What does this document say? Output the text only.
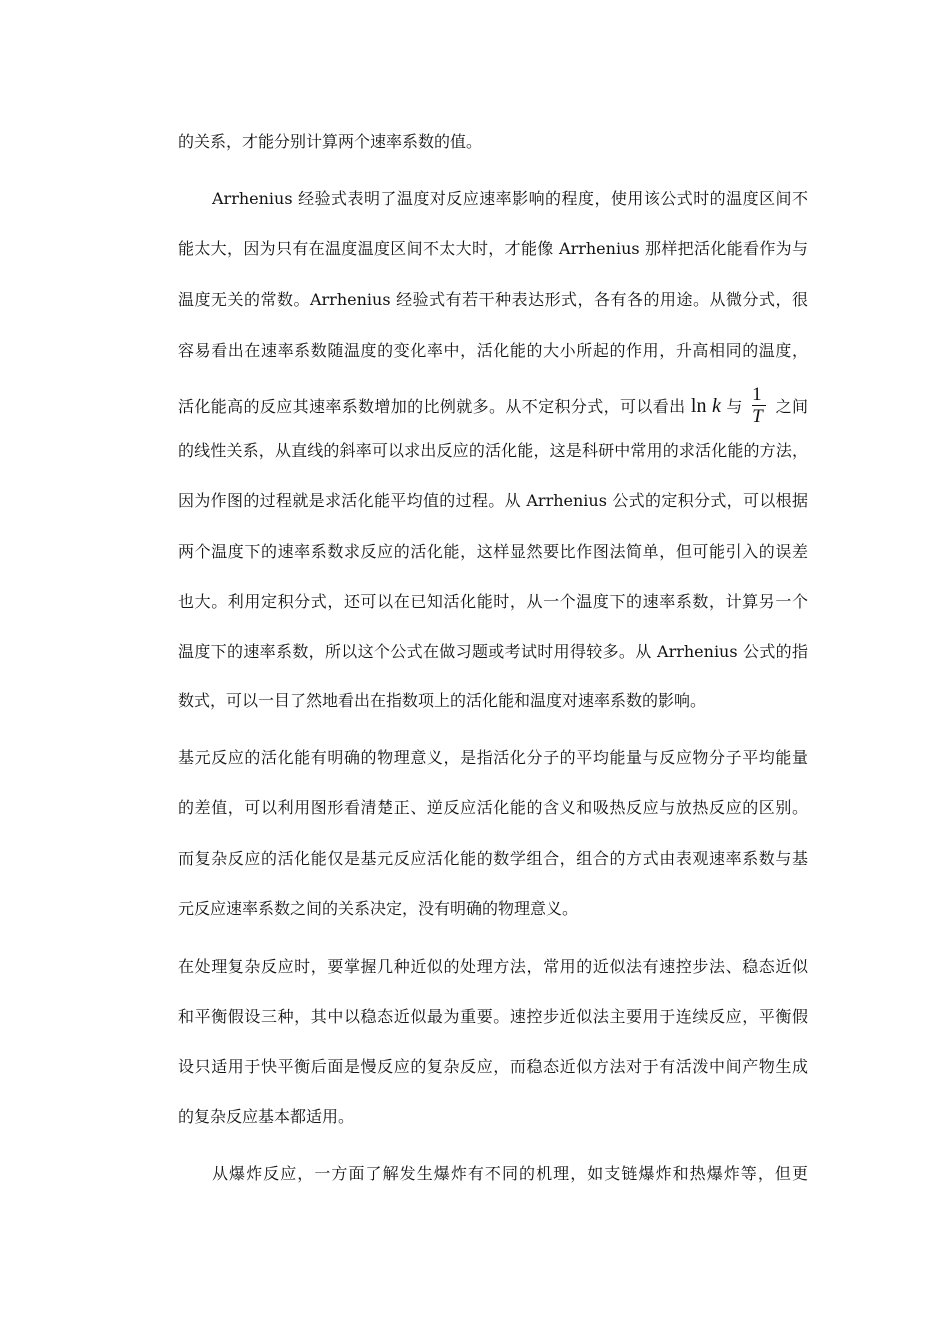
的关系，才能分别计算两个速率系数的值。
Arrhenius 经验式表明了温度对反应速率影响的程度，使用该公式时的温度区间不
能太大，因为只有在温度温度区间不太大时，才能像 Arrhenius 那样把活化能看作为与
温度无关的常数。Arrhenius 经验式有若干种表达形式，各有各的用途。从微分式，很
容易看出在速率系数随温度的变化率中，活化能的大小所起的作用，升高相同的温度，
活化能高的反应其速率系数增加的比例就多。从不定积分式，可以看出 ln k 与 $\frac{1}{T}$ 之间
的线性关系，从直线的斜率可以求出反应的活化能，这是科研中常用的求活化能的方法，
因为作图的过程就是求活化能平均值的过程。从 Arrhenius 公式的定积分式，可以根据
两个温度下的速率系数求反应的活化能，这样显然要比作图法简单，但可能引入的误差
也大。利用定积分式，还可以在已知活化能时，从一个温度下的速率系数，计算另一个
温度下的速率系数，所以这个公式在做习题或考试时用得较多。从 Arrhenius 公式的指
数式，可以一目了然地看出在指数项上的活化能和温度对速率系数的影响。
基元反应的活化能有明确的物理意义，是指活化分子的平均能量与反应物分子平均能量
的差值，可以利用图形看清楚正、逆反应活化能的含义和吸热反应与放热反应的区别。
而复杂反应的活化能仅是基元反应活化能的数学组合，组合的方式由表观速率系数与基
元反应速率系数之间的关系决定，没有明确的物理意义。
在处理复杂反应时，要掌握几种近似的处理方法，常用的近似法有速控步法、稳态近似
和平衡假设三种，其中以稳态近似最为重要。速控步近似法主要用于连续反应，平衡假
设只适用于快平衡后面是慢反应的复杂反应，而稳态近似方法对于有活泼中间产物生成
的复杂反应基本都适用。
从爆炸反应，一方面了解发生爆炸有不同的机理，如支链爆炸和热爆炸等，但更
